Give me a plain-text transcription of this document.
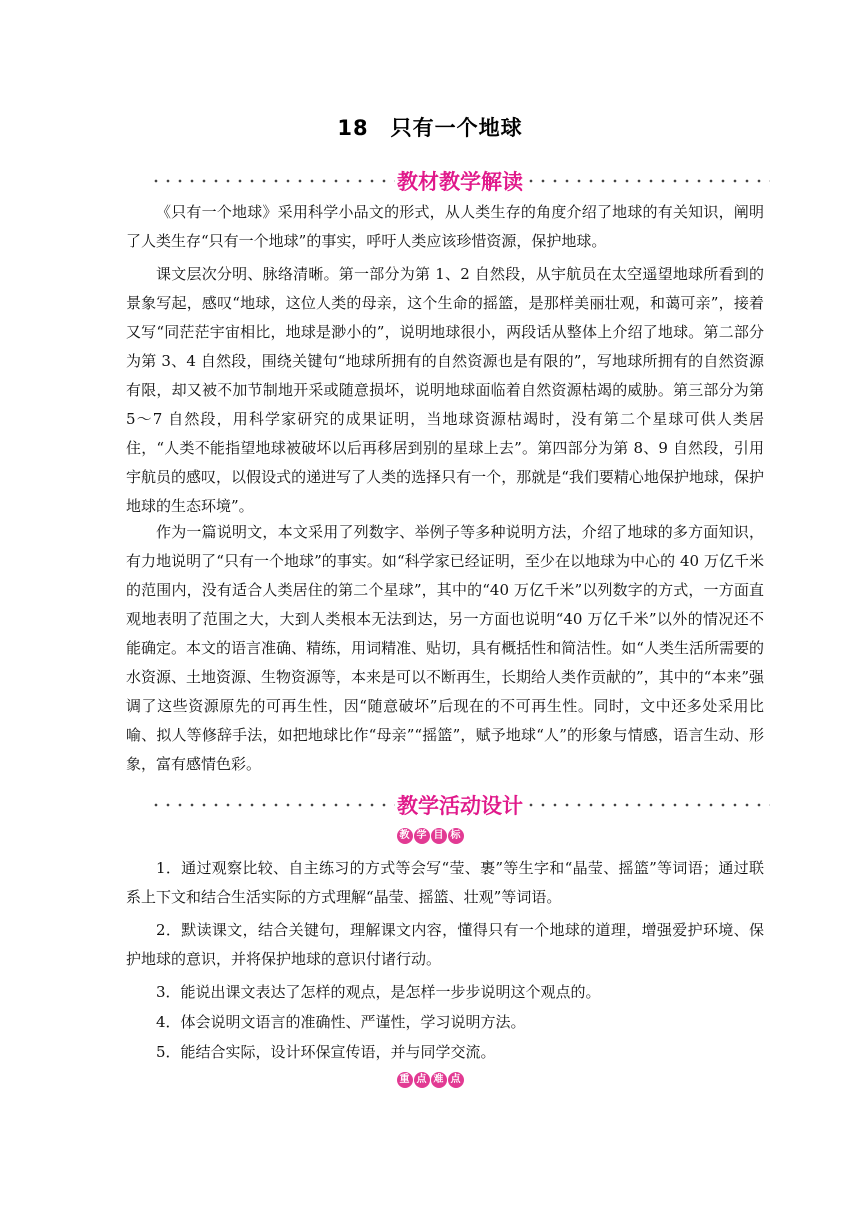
18 只有一个地球
教材教学解读

《只有一个地球》采用科学小品文的形式，从人类生存的角度介绍了地球的有关知识，阐明了人类生存“只有一个地球”的事实，呼吁人类应该珍惜资源，保护地球。

课文层次分明、脉络清晰。第一部分为第 1、2 自然段，从宇航员在太空遥望地球所看到的景象写起，感叹“地球，这位人类的母亲，这个生命的摇篮，是那样美丽壮观，和蔼可亲”，接着又写“同茫茫宇宙相比，地球是渺小的”，说明地球很小，两段话从整体上介绍了地球。第二部分为第 3、4 自然段，围绕关键句“地球所拥有的自然资源也是有限的”，写地球所拥有的自然资源有限，却又被不加节制地开采或随意损坏，说明地球面临着自然资源枯竭的威胁。第三部分为第 5～7 自然段，用科学家研究的成果证明，当地球资源枯竭时，没有第二个星球可供人类居住，“人类不能指望地球被破坏以后再移居到别的星球上去”。第四部分为第 8、9 自然段，引用宇航员的感叹，以假设式的递进写了人类的选择只有一个，那就是“我们要精心地保护地球，保护地球的生态环境”。

作为一篇说明文，本文采用了列数字、举例子等多种说明方法，介绍了地球的多方面知识，有力地说明了“只有一个地球”的事实。如“科学家已经证明，至少在以地球为中心的 40 万亿千米的范围内，没有适合人类居住的第二个星球”，其中的“40 万亿千米”以列数字的方式，一方面直观地表明了范围之大，大到人类根本无法到达，另一方面也说明“40 万亿千米”以外的情况还不能确定。本文的语言准确、精练，用词精准、贴切，具有概括性和简洁性。如“人类生活所需要的水资源、土地资源、生物资源等，本来是可以不断再生，长期给人类作贡献的”，其中的“本来”强调了这些资源原先的可再生性，因“随意破坏”后现在的不可再生性。同时，文中还多处采用比喻、拟人等修辞手法，如把地球比作“母亲”“摇篮”，赋予地球“人”的形象与情感，语言生动、形象，富有感情色彩。

教学活动设计
教 学 目 标

1．通过观察比较、自主练习的方式等会写“莹、裹”等生字和“晶莹、摇篮”等词语；通过联系上下文和结合生活实际的方式理解“晶莹、摇篮、壮观”等词语。

2．默读课文，结合关键句，理解课文内容，懂得只有一个地球的道理，增强爱护环境、保护地球的意识，并将保护地球的意识付诸行动。

3．能说出课文表达了怎样的观点，是怎样一步步说明这个观点的。

4．体会说明文语言的准确性、严谨性，学习说明方法。

5．能结合实际，设计环保宣传语，并与同学交流。

重 点 难 点
